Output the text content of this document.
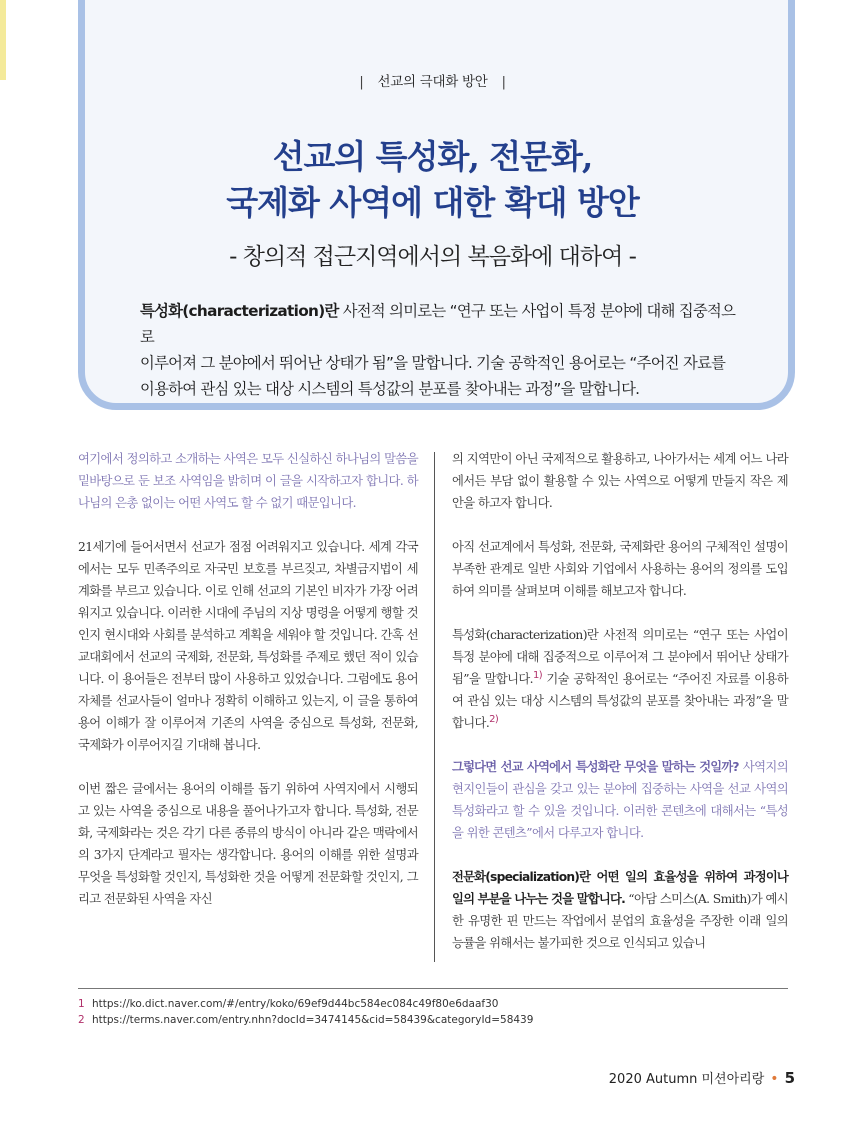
| 선교의 극대화 방안 |
선교의 특성화, 전문화,
국제화 사역에 대한 확대 방안
- 창의적 접근지역에서의 복음화에 대하여 -
특성화(characterization)란 사전적 의미로는 “연구 또는 사업이 특정 분야에 대해 집중적으로
이루어져 그 분야에서 뛰어난 상태가 됨”을 말합니다. 기술 공학적인 용어로는 “주어진 자료를
이용하여 관심 있는 대상 시스템의 특성값의 분포를 찾아내는 과정”을 말합니다.

여기에서 정의하고 소개하는 사역은 모두 신실하신 하나님의 말씀을 밑바탕으로 둔 보조 사역임을 밝히며 이 글을 시작하고자 합니다. 하나님의 은총 없이는 어떤 사역도 할 수 없기 때문입니다.

21세기에 들어서면서 선교가 점점 어려워지고 있습니다. 세계 각국에서는 모두 민족주의로 자국민 보호를 부르짖고, 차별금지법이 세계화를 부르고 있습니다. 이로 인해 선교의 기본인 비자가 가장 어려워지고 있습니다. 이러한 시대에 주님의 지상 명령을 어떻게 행할 것인지 현시대와 사회를 분석하고 계획을 세워야 할 것입니다. 간혹 선교대회에서 선교의 국제화, 전문화, 특성화를 주제로 했던 적이 있습니다. 이 용어들은 전부터 많이 사용하고 있었습니다. 그럼에도 용어 자체를 선교사들이 얼마나 정확히 이해하고 있는지, 이 글을 통하여 용어 이해가 잘 이루어져 기존의 사역을 중심으로 특성화, 전문화, 국제화가 이루어지길 기대해 봅니다.

이번 짧은 글에서는 용어의 이해를 돕기 위하여 사역지에서 시행되고 있는 사역을 중심으로 내용을 풀어나가고자 합니다. 특성화, 전문화, 국제화라는 것은 각기 다른 종류의 방식이 아니라 같은 맥락에서의 3가지 단계라고 필자는 생각합니다. 용어의 이해를 위한 설명과 무엇을 특성화할 것인지, 특성화한 것을 어떻게 전문화할 것인지, 그리고 전문화된 사역을 자신

의 지역만이 아닌 국제적으로 활용하고, 나아가서는 세계 어느 나라에서든 부담 없이 활용할 수 있는 사역으로 어떻게 만들지 작은 제안을 하고자 합니다.

아직 선교계에서 특성화, 전문화, 국제화란 용어의 구체적인 설명이 부족한 관계로 일반 사회와 기업에서 사용하는 용어의 정의를 도입하여 의미를 살펴보며 이해를 해보고자 합니다.

특성화(characterization)란 사전적 의미로는 “연구 또는 사업이 특정 분야에 대해 집중적으로 이루어져 그 분야에서 뛰어난 상태가 됨”을 말합니다.$^{1)}$ 기술 공학적인 용어로는 “주어진 자료를 이용하여 관심 있는 대상 시스템의 특성값의 분포를 찾아내는 과정”을 말합니다.$^{2)}$

그렇다면 선교 사역에서 특성화란 무엇을 말하는 것일까? 사역지의 현지인들이 관심을 갖고 있는 분야에 집중하는 사역을 선교 사역의 특성화라고 할 수 있을 것입니다. 이러한 콘텐츠에 대해서는 “특성을 위한 콘텐츠”에서 다루고자 합니다.

전문화(specialization)란 어떤 일의 효율성을 위하여 과정이나 일의 부분을 나누는 것을 말합니다. “아담 스미스(A. Smith)가 예시한 유명한 핀 만드는 작업에서 분업의 효율성을 주장한 이래 일의 능률을 위해서는 불가피한 것으로 인식되고 있습니

1 https://ko.dict.naver.com/#/entry/koko/69ef9d44bc584ec084c49f80e6daaf30
2 https://terms.naver.com/entry.nhn?docId=3474145&cid=58439&categoryId=58439
2020 Autumn 미션아리랑 • 5
